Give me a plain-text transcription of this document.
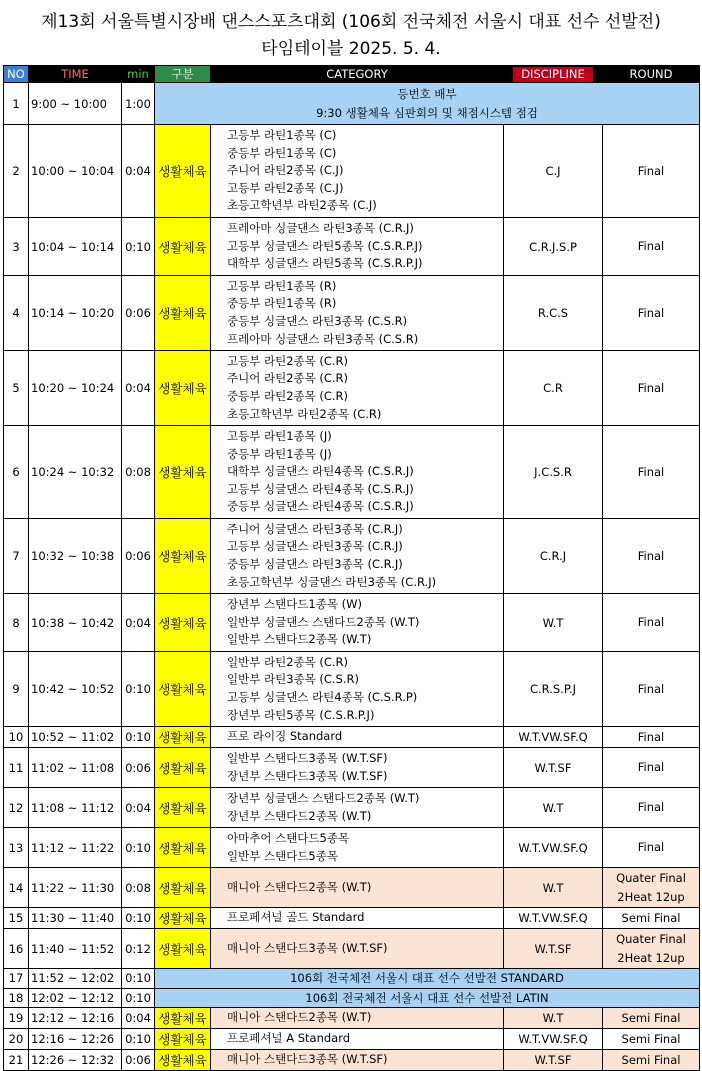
제13회 서울특별시장배 댄스스포츠대회 (106회 전국체전 서울시 대표 선수 선발전)
타임테이블 2025. 5. 4.
NO	TIME	min	구분	CATEGORY	DISCIPLINE	ROUND
1	9:00 ~ 10:00	1:00	등번호 배부
9:30 생활체육 심판회의 및 채점시스템 점검			

2	10:00 ~ 10:04	0:04	생활체육	고등부 라틴1종목 (C)
중등부 라틴1종목 (C)
주니어 라틴2종목 (C.J)
고등부 라틴2종목 (C.J)
초등고학년부 라틴2종목 (C.J)	C.J	Final

3	10:04 ~ 10:14	0:10	생활체육	프레아마 싱글댄스 라틴3종목 (C.R.J)
고등부 싱글댄스 라틴5종목 (C.S.R.P.J)
대학부 싱글댄스 라틴5종목 (C.S.R.P.J)	C.R.J.S.P	Final

4	10:14 ~ 10:20	0:06	생활체육	고등부 라틴1종목 (R)
중등부 라틴1종목 (R)
중등부 싱글댄스 라틴3종목 (C.S.R)
프레아마 싱글댄스 라틴3종목 (C.S.R)	R.C.S	Final

5	10:20 ~ 10:24	0:04	생활체육	고등부 라틴2종목 (C.R)
주니어 라틴2종목 (C.R)
중등부 라틴2종목 (C.R)
초등고학년부 라틴2종목 (C.R)	C.R	Final

6	10:24 ~ 10:32	0:08	생활체육	고등부 라틴1종목 (J)
중등부 라틴1종목 (J)
대학부 싱글댄스 라틴4종목 (C.S.R.J)
고등부 싱글댄스 라틴4종목 (C.S.R.J)
중등부 싱글댄스 라틴4종목 (C.S.R.J)	J.C.S.R	Final

7	10:32 ~ 10:38	0:06	생활체육	주니어 싱글댄스 라틴3종목 (C.R.J)
고등부 싱글댄스 라틴3종목 (C.R.J)
중등부 싱글댄스 라틴3종목 (C.R.J)
초등고학년부 싱글댄스 라틴3종목 (C.R.J)	C.R.J	Final

8	10:38 ~ 10:42	0:04	생활체육	장년부 스탠다드1종목 (W)
일반부 싱글댄스 스탠다드2종목 (W.T)
일반부 스탠다드2종목 (W.T)	W.T	Final

9	10:42 ~ 10:52	0:10	생활체육	일반부 라틴2종목 (C.R)
일반부 라틴3종목 (C.S.R)
고등부 싱글댄스 라틴4종목 (C.S.R.P)
장년부 라틴5종목 (C.S.R.P.J)	C.R.S.P.J	Final

10	10:52 ~ 11:02	0:10	생활체육	프로 라이징 Standard	W.T.VW.SF.Q	Final

11	11:02 ~ 11:08	0:06	생활체육	일반부 스탠다드3종목 (W.T.SF)
장년부 스탠다드3종목 (W.T.SF)	W.T.SF	Final

12	11:08 ~ 11:12	0:04	생활체육	장년부 싱글댄스 스탠다드2종목 (W.T)
장년부 스탠다드2종목 (W.T)	W.T	Final

13	11:12 ~ 11:22	0:10	생활체육	아마추어 스탠다드5종목
일반부 스탠다드5종목	W.T.VW.SF.Q	Final

14	11:22 ~ 11:30	0:08	생활체육	매니아 스탠다드2종목 (W.T)	W.T	Quater Final
2Heat 12up

15	11:30 ~ 11:40	0:10	생활체육	프로페셔널 골드 Standard	W.T.VW.SF.Q	Semi Final

16	11:40 ~ 11:52	0:12	생활체육	매니아 스탠다드3종목 (W.T.SF)	W.T.SF	Quater Final
2Heat 12up

17	11:52 ~ 12:02	0:10	106회 전국체전 서울시 대표 선수 선발전 STANDARD			

18	12:02 ~ 12:12	0:10	106회 전국체전 서울시 대표 선수 선발전 LATIN			

19	12:12 ~ 12:16	0:04	생활체육	매니아 스탠다드2종목 (W.T)	W.T	Semi Final

20	12:16 ~ 12:26	0:10	생활체육	프로페셔널 A Standard	W.T.VW.SF.Q	Semi Final

21	12:26 ~ 12:32	0:06	생활체육	매니아 스탠다드3종목 (W.T.SF)	W.T.SF	Semi Final
